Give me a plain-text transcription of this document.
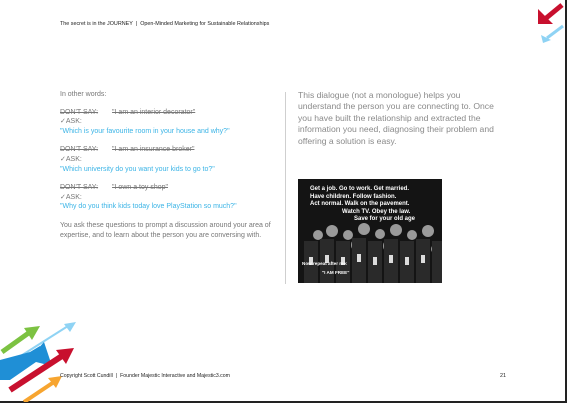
The secret is in the JOURNEY | Open-Minded Marketing for Sustainable Relationships
In other words:
DON'T SAY: "I am an interior decorator"
✓ASK:
"Which is your favourite room in your house and why?"
DON'T SAY: "I am an insurance broker"
✓ASK:
"Which university do you want your kids to go to?"
DON'T SAY: "I own a toy shop"
✓ASK:
"Why do you think kids today love PlayStation so much?"
You ask these questions to prompt a discussion around your area of expertise, and to learn about the person you are conversing with.
This dialogue (not a monologue) helps you understand the person you are connecting to. Once you have built the relationship and extracted the information you need, diagnosing their problem and offering a solution is easy.
Get a job. Go to work. Get married.
Have children. Follow fashion.
Act normal. Walk on the pavement.
Watch TV. Obey the law.
Save for your old age
Now repeat after me:
"I AM FREE"
Copyright Scott Cundill | Founder Majestic Interactive and Majestic3.com	21
